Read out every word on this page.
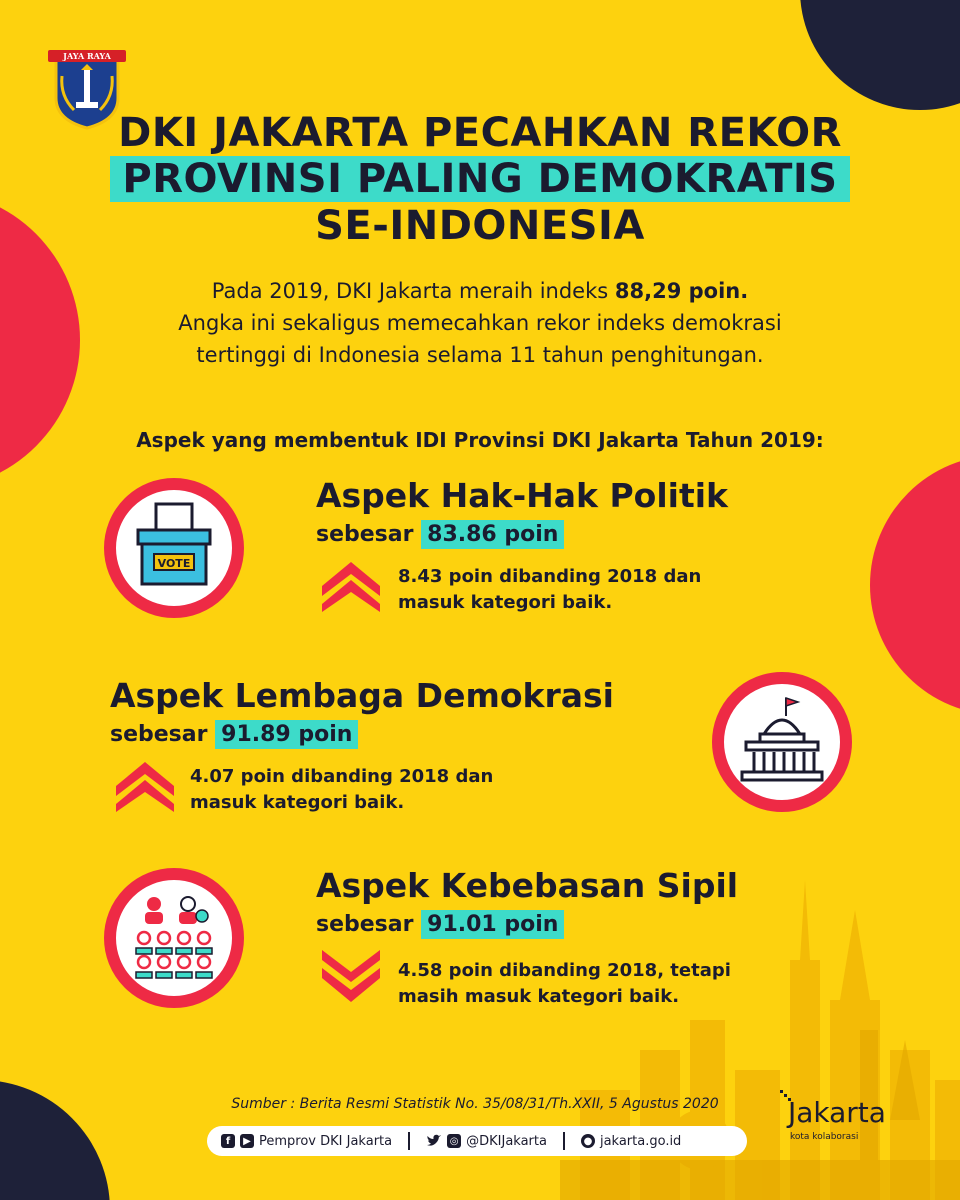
JAYA RAYA
DKI JAKARTA PECAHKAN REKOR
PROVINSI PALING DEMOKRATIS
SE-INDONESIA
Pada 2019, DKI Jakarta meraih indeks 88,29 poin.
Angka ini sekaligus memecahkan rekor indeks demokrasi
tertinggi di Indonesia selama 11 tahun penghitungan.
Aspek yang membentuk IDI Provinsi DKI Jakarta Tahun 2019:
VOTE
Aspek Hak-Hak Politik
sebesar 83.86 poin
8.43 poin dibanding 2018 dan
masuk kategori baik.
Aspek Lembaga Demokrasi
sebesar 91.89 poin
4.07 poin dibanding 2018 dan
masuk kategori baik.
Aspek Kebebasan Sipil
sebesar 91.01 poin
4.58 poin dibanding 2018, tetapi
masih masuk kategori baik.
Sumber : Berita Resmi Statistik No. 35/08/31/Th.XXII, 5 Agustus 2020
f	▶ Pemprov DKI Jakarta	◎ @DKIJakarta	● jakarta.go.id
Jakarta
kota kolaborasi
